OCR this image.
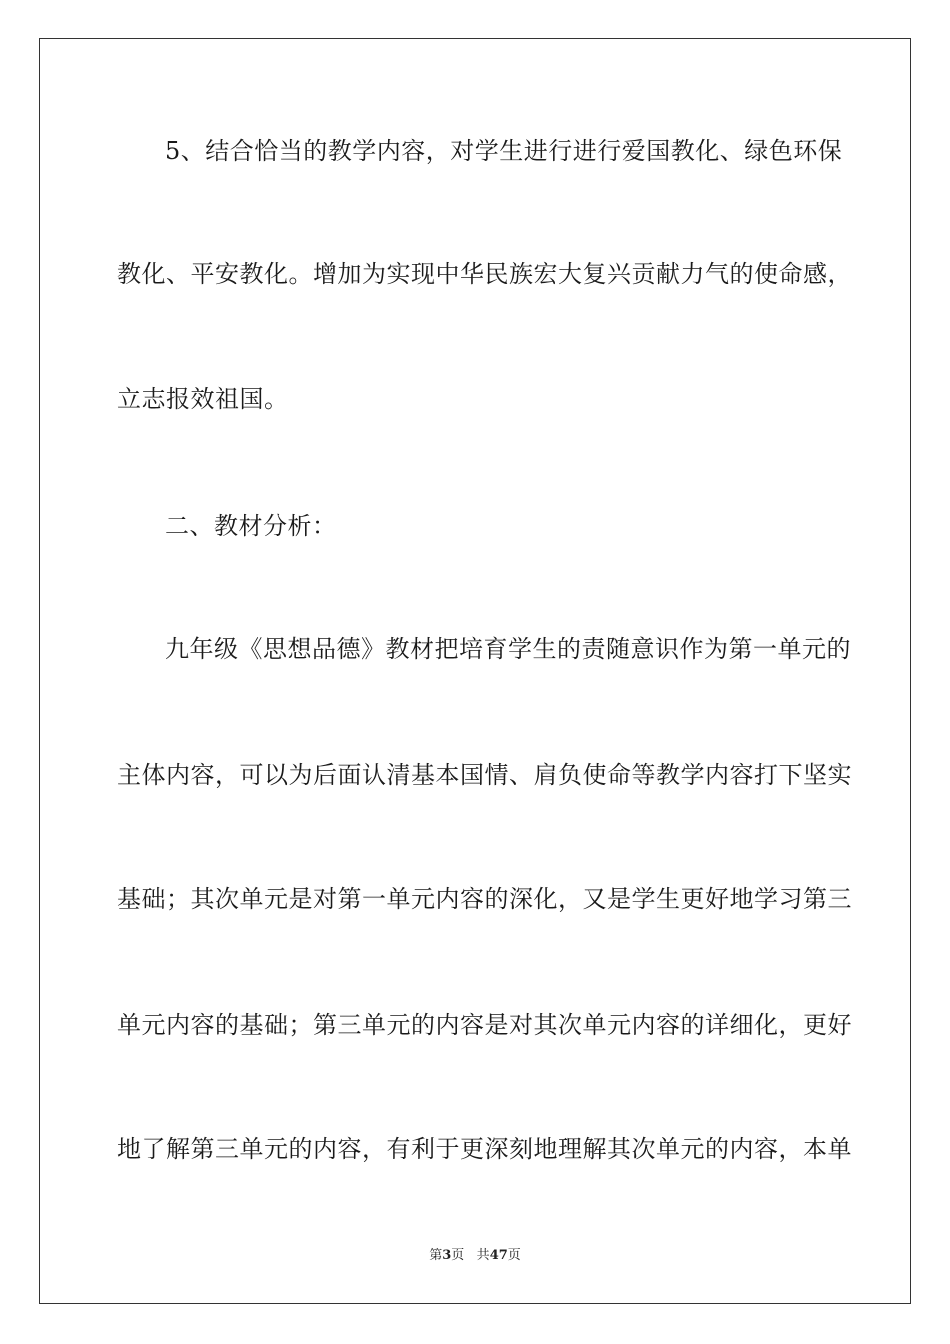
5、结合恰当的教学内容，对学生进行进行爱国教化、绿色环保
教化、平安教化。增加为实现中华民族宏大复兴贡献力气的使命感，
立志报效祖国。
二、教材分析：
九年级《思想品德》教材把培育学生的责随意识作为第一单元的
主体内容，可以为后面认清基本国情、肩负使命等教学内容打下坚实
基础；其次单元是对第一单元内容的深化，又是学生更好地学习第三
单元内容的基础；第三单元的内容是对其次单元内容的详细化，更好
地了解第三单元的内容，有利于更深刻地理解其次单元的内容，本单
第3页 共47页
